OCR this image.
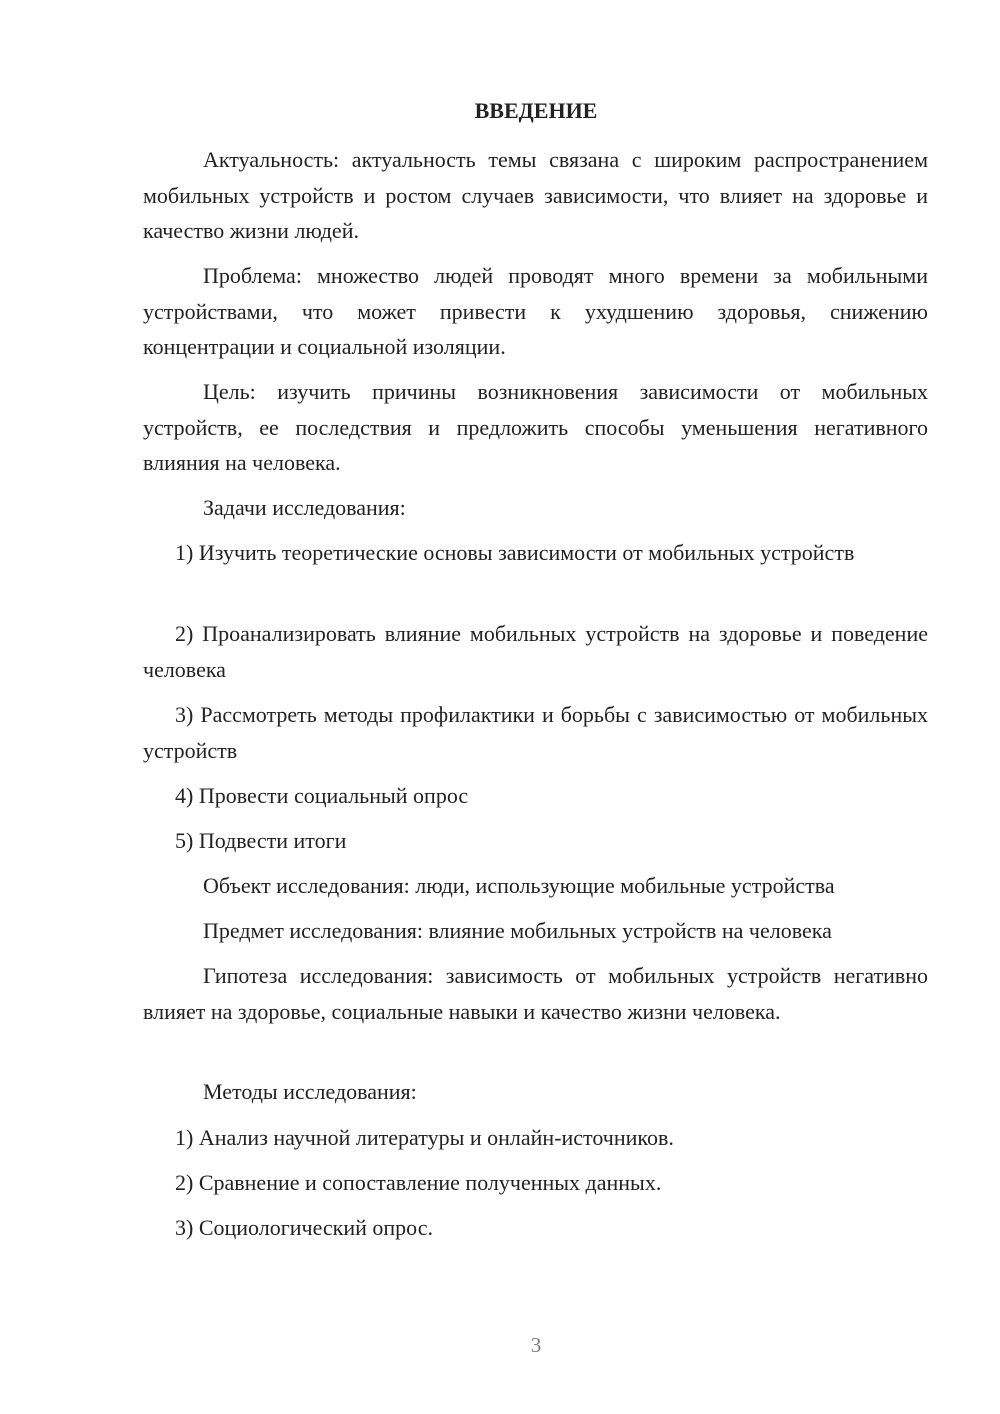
ВВЕДЕНИЕ

Актуальность: актуальность темы связана с широким распространением мобильных устройств и ростом случаев зависимости, что влияет на здоровье и качество жизни людей.

Проблема: множество людей проводят много времени за мобильными устройствами, что может привести к ухудшению здоровья, снижению концентрации и социальной изоляции.

Цель: изучить причины возникновения зависимости от мобильных устройств, ее последствия и предложить способы уменьшения негативного влияния на человека.

Задачи исследования:

1) Изучить теоретические основы зависимости от мобильных устройств

2) Проанализировать влияние мобильных устройств на здоровье и поведение человека

3) Рассмотреть методы профилактики и борьбы с зависимостью от мобильных устройств

4) Провести социальный опрос

5) Подвести итоги

Объект исследования: люди, использующие мобильные устройства

Предмет исследования: влияние мобильных устройств на человека

Гипотеза исследования: зависимость от мобильных устройств негативно влияет на здоровье, социальные навыки и качество жизни человека.

Методы исследования:

1) Анализ научной литературы и онлайн-источников.

2) Сравнение и сопоставление полученных данных.

3) Социологический опрос.

3
